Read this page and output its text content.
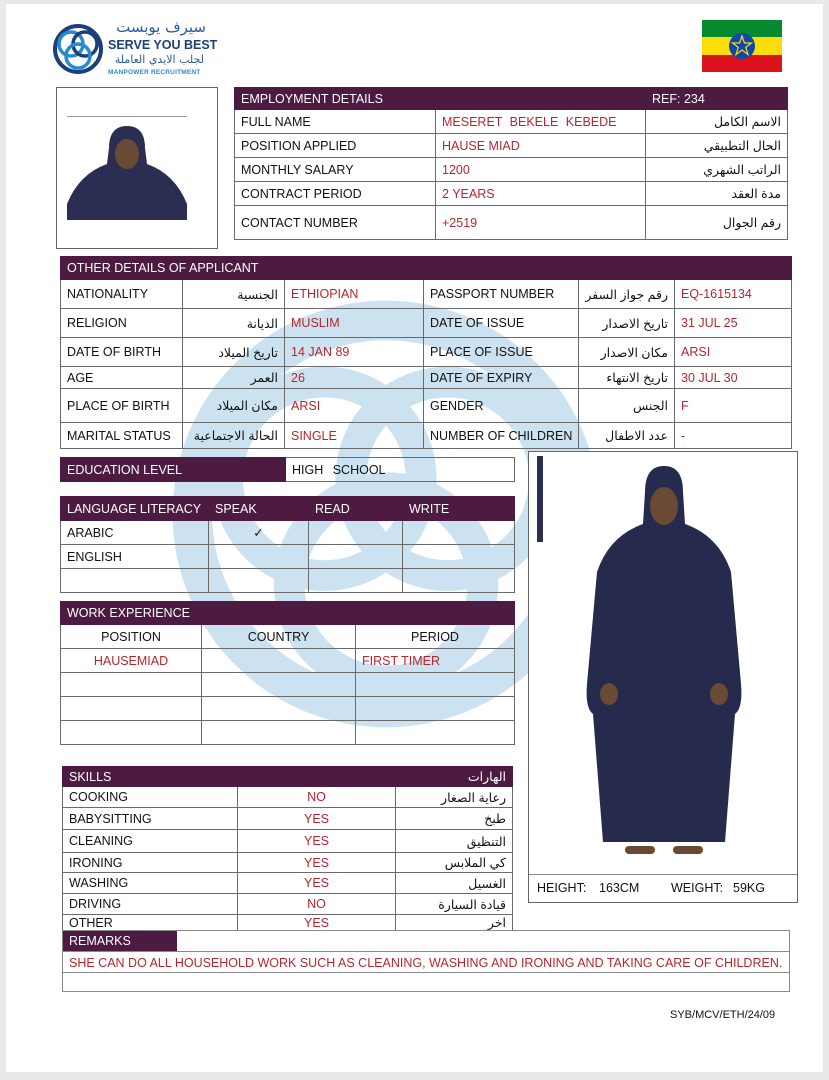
سيرف يوبست
SERVE YOU BEST
لجلب الايدي العاملة
MANPOWER RECRUITMENT
EMPLOYMENT DETAILS		REF: 234
FULL NAME	MESERET BEKELE KEBEDE	الاسم الكامل
POSITION APPLIED	HAUSE MIAD	الحال التطبيقي
MONTHLY SALARY	1200	الراتب الشهري
CONTRACT PERIOD	2 YEARS	مدة العقد
CONTACT NUMBER	+2519	رقم الجوال
OTHER DETAILS OF APPLICANT					
NATIONALITY	الجنسية	ETHIOPIAN	PASSPORT NUMBER	رقم جواز السفر	EQ-1615134
RELIGION	الديانة	MUSLIM	DATE OF ISSUE	تاريخ الاصدار	31 JUL 25
DATE OF BIRTH	تاريخ الميلاد	14 JAN 89	PLACE OF ISSUE	مكان الاصدار	ARSI
AGE	العمر	26	DATE OF EXPIRY	تاريخ الانتهاء	30 JUL 30
PLACE OF BIRTH	مكان الميلاد	ARSI	GENDER	الجنس	F
MARITAL STATUS	الحالة الاجتماعية	SINGLE	NUMBER OF CHILDREN	عدد الاطفال	-
EDUCATION LEVEL	HIGH SCHOOL
LANGUAGE LITERACY	SPEAK	READ	WRITE
ARABIC	✓		
ENGLISH			

WORK EXPERIENCE		
POSITION	COUNTRY	PERIOD
HAUSEMIAD		FIRST TIMER

SKILLS		الهارات
COOKING	NO	رعاية الصغار
BABYSITTING	YES	طبخ
CLEANING	YES	التنظيق
IRONING	YES	كي الملابس
WASHING	YES	الغسيل
DRIVING	NO	قيادة السيارة
OTHER	YES	اخر
HEIGHT: 163CM	WEIGHT: 59KG
REMARKS
SHE CAN DO ALL HOUSEHOLD WORK SUCH AS CLEANING, WASHING AND IRONING AND TAKING CARE OF CHILDREN.
SYB/MCV/ETH/24/09
